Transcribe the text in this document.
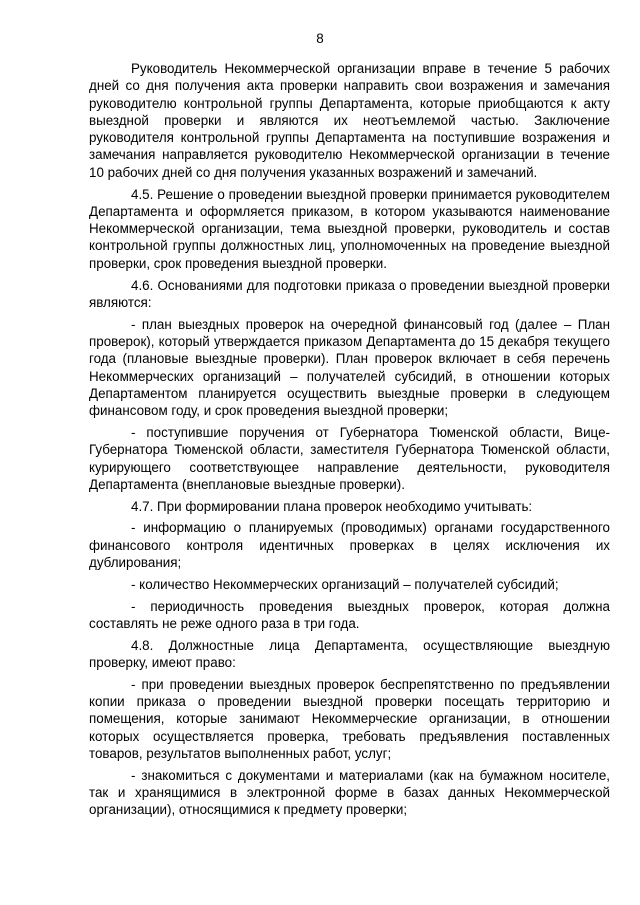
8

Руководитель Некоммерческой организации вправе в течение 5 рабочих дней со дня получения акта проверки направить свои возражения и замечания руководителю контрольной группы Департамента, которые приобщаются к акту выездной проверки и являются их неотъемлемой частью. Заключение руководителя контрольной группы Департамента на поступившие возражения и замечания направляется руководителю Некоммерческой организации в течение 10 рабочих дней со дня получения указанных возражений и замечаний.

4.5. Решение о проведении выездной проверки принимается руководителем Департамента и оформляется приказом, в котором указываются наименование Некоммерческой организации, тема выездной проверки, руководитель и состав контрольной группы должностных лиц, уполномоченных на проведение выездной проверки, срок проведения выездной проверки.

4.6. Основаниями для подготовки приказа о проведении выездной проверки являются:

- план выездных проверок на очередной финансовый год (далее – План проверок), который утверждается приказом Департамента до 15 декабря текущего года (плановые выездные проверки). План проверок включает в себя перечень Некоммерческих организаций – получателей субсидий, в отношении которых Департаментом планируется осуществить выездные проверки в следующем финансовом году, и срок проведения выездной проверки;

- поступившие поручения от Губернатора Тюменской области, Вице-Губернатора Тюменской области, заместителя Губернатора Тюменской области, курирующего соответствующее направление деятельности, руководителя Департамента (внеплановые выездные проверки).

4.7. При формировании плана проверок необходимо учитывать:

- информацию о планируемых (проводимых) органами государственного финансового контроля идентичных проверках в целях исключения их дублирования;

- количество Некоммерческих организаций – получателей субсидий;

- периодичность проведения выездных проверок, которая должна составлять не реже одного раза в три года.

4.8. Должностные лица Департамента, осуществляющие выездную проверку, имеют право:

- при проведении выездных проверок беспрепятственно по предъявлении копии приказа о проведении выездной проверки посещать территорию и помещения, которые занимают Некоммерческие организации, в отношении которых осуществляется проверка, требовать предъявления поставленных товаров, результатов выполненных работ, услуг;

- знакомиться с документами и материалами (как на бумажном носителе, так и хранящимися в электронной форме в базах данных Некоммерческой организации), относящимися к предмету проверки;
